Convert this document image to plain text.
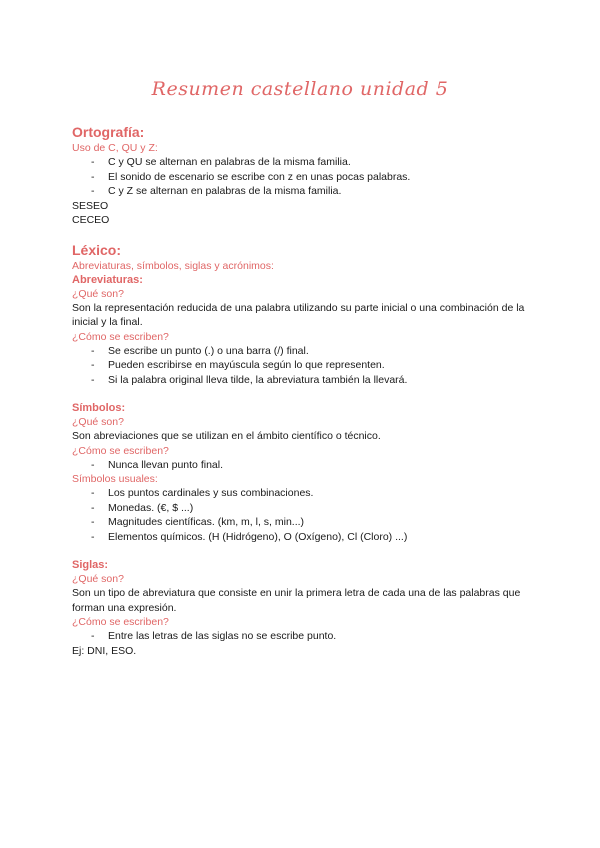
Resumen castellano unidad 5

Ortografía:

Uso de C, QU y Z:

- C y QU se alternan en palabras de la misma familia.
- El sonido de escenario se escribe con z en unas pocas palabras.
- C y Z se alternan en palabras de la misma familia.

SESEO

CECEO

Léxico:

Abreviaturas, símbolos, siglas y acrónimos:

Abreviaturas:

¿Qué son?

Son la representación reducida de una palabra utilizando su parte inicial o una combinación de la inicial y la final.

¿Cómo se escriben?

- Se escribe un punto (.) o una barra (/) final.
- Pueden escribirse en mayúscula según lo que representen.
- Si la palabra original lleva tilde, la abreviatura también la llevará.

Símbolos:

¿Qué son?

Son abreviaciones que se utilizan en el ámbito científico o técnico.

¿Cómo se escriben?

- Nunca llevan punto final.

Símbolos usuales:

- Los puntos cardinales y sus combinaciones.
- Monedas. (€, $ ...)
- Magnitudes científicas. (km, m, l, s, min...)
- Elementos químicos. (H (Hidrógeno), O (Oxígeno), Cl (Cloro) ...)

Siglas:

¿Qué son?

Son un tipo de abreviatura que consiste en unir la primera letra de cada una de las palabras que forman una expresión.

¿Cómo se escriben?

- Entre las letras de las siglas no se escribe punto.

Ej: DNI, ESO.
